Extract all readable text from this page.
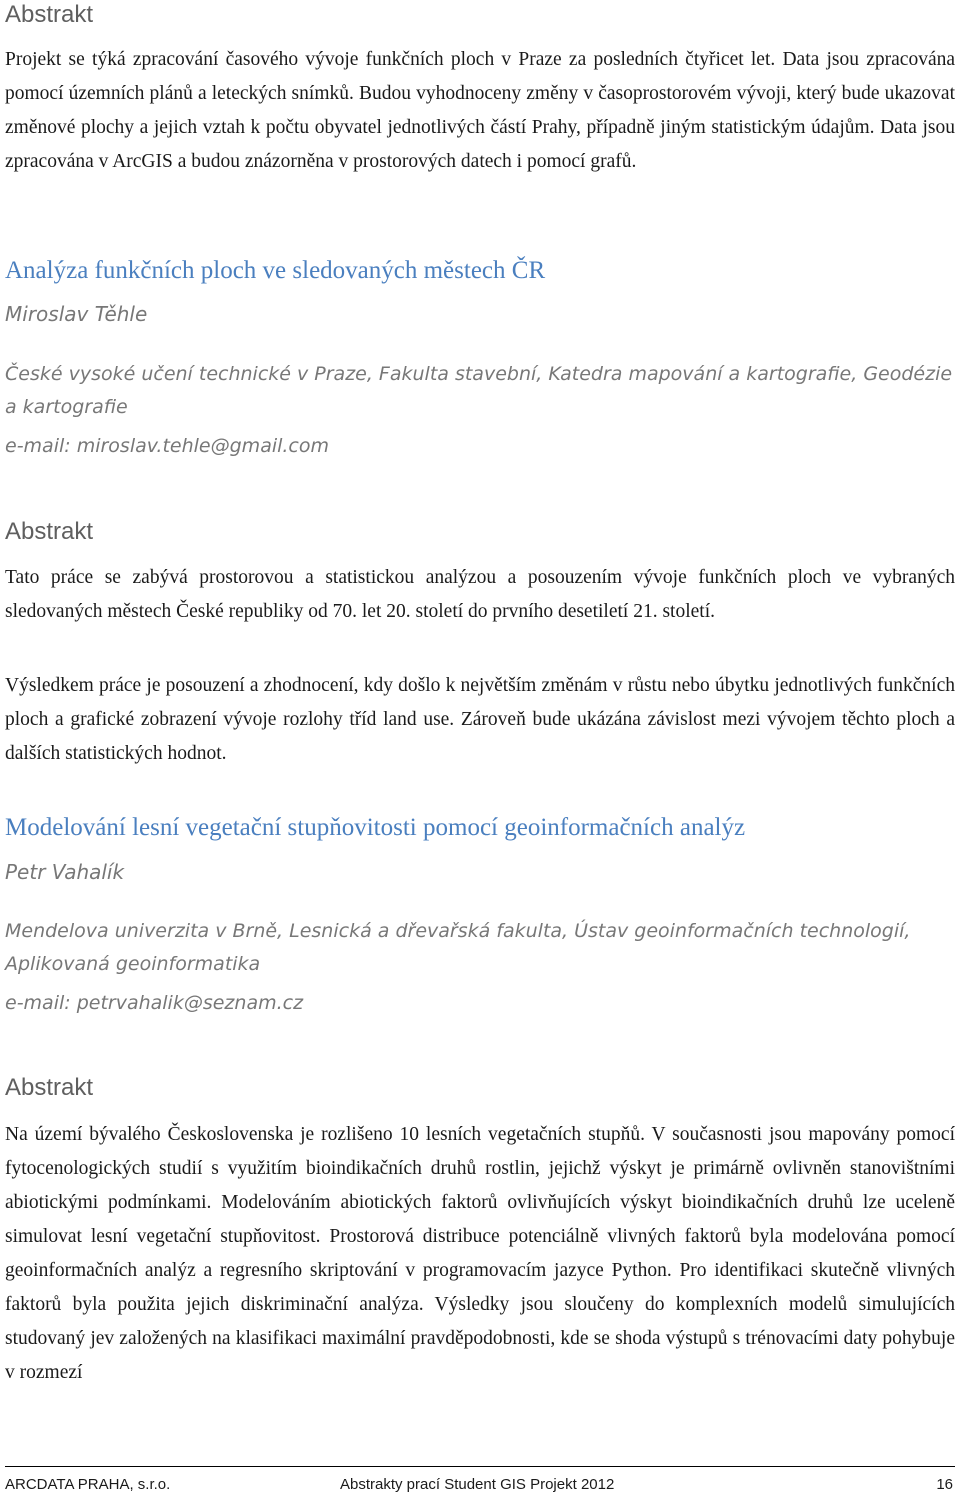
Abstrakt

Projekt se týká zpracování časového vývoje funkčních ploch v Praze za posledních čtyřicet let. Data jsou zpracována pomocí územních plánů a leteckých snímků. Budou vyhodnoceny změny v časoprostorovém vývoji, který bude ukazovat změnové plochy a jejich vztah k počtu obyvatel jednotlivých částí Prahy, případně jiným statistickým údajům. Data jsou zpracována v ArcGIS a budou znázorněna v prostorových datech i pomocí grafů.

Analýza funkčních ploch ve sledovaných městech ČR
Miroslav Těhle
České vysoké učení technické v Praze, Fakulta stavební, Katedra mapování a kartografie, Geodézie a kartografie
e-mail: miroslav.tehle@gmail.com
Abstrakt

Tato práce se zabývá prostorovou a statistickou analýzou a posouzením vývoje funkčních ploch ve vybraných sledovaných městech České republiky od 70. let 20. století do prvního desetiletí 21. století.

Výsledkem práce je posouzení a zhodnocení, kdy došlo k největším změnám v růstu nebo úbytku jednotlivých funkčních ploch a grafické zobrazení vývoje rozlohy tříd land use. Zároveň bude ukázána závislost mezi vývojem těchto ploch a dalších statistických hodnot.

Modelování lesní vegetační stupňovitosti pomocí geoinformačních analýz
Petr Vahalík
Mendelova univerzita v Brně, Lesnická a dřevařská fakulta, Ústav geoinformačních technologií, Aplikovaná geoinformatika
e-mail: petrvahalik@seznam.cz
Abstrakt

Na území bývalého Československa je rozlišeno 10 lesních vegetačních stupňů. V současnosti jsou mapovány pomocí fytocenologických studií s využitím bioindikačních druhů rostlin, jejichž výskyt je primárně ovlivněn stanovištními abiotickými podmínkami. Modelováním abiotických faktorů ovlivňujících výskyt bioindikačních druhů lze uceleně simulovat lesní vegetační stupňovitost. Prostorová distribuce potenciálně vlivných faktorů byla modelována pomocí geoinformačních analýz a regresního skriptování v programovacím jazyce Python. Pro identifikaci skutečně vlivných faktorů byla použita jejich diskriminační analýza. Výsledky jsou sloučeny do komplexních modelů simulujících studovaný jev založených na klasifikaci maximální pravděpodobnosti, kde se shoda výstupů s trénovacími daty pohybuje v rozmezí

ARCDATA PRAHA, s.r.o.	Abstrakty prací Student GIS Projekt 2012	16
